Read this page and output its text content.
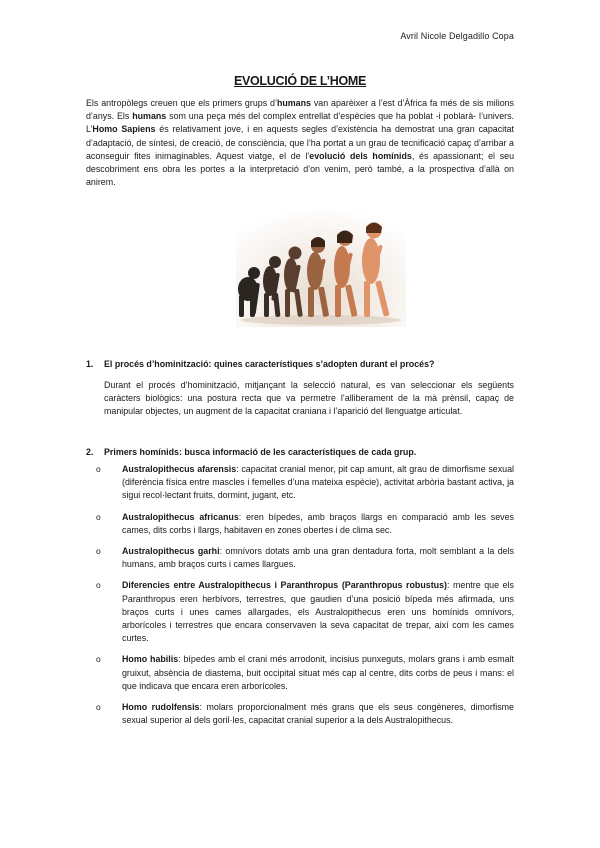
Avril Nicole Delgadillo Copa
EVOLUCIÓ DE L’HOME
Els antropòlegs creuen que els primers grups d’humans van aparèixer a l’est d’Àfrica fa més de sis milions d’anys. Els humans som una peça més del complex entrellat d’espècies que ha poblat -i poblarà- l’univers. L’Homo Sapiens és relativament jove, i en aquests segles d’existència ha demostrat una gran capacitat d’adaptació, de síntesi, de creació, de consciència, que l’ha portat a un grau de tecnificació capaç d’arribar a aconseguir fites inimaginables. Aquest viatge, el de l’evolució dels homínids, és apassionant; el seu descobriment ens obra les portes a la interpretació d’on venim, però també, a la prospectiva d’allà on anirem.
1. El procés d’hominització: quines característiques s’adopten durant el procés?
Durant el procés d’hominització, mitjançant la selecció natural, es van seleccionar els següents caràcters biològics: una postura recta que va permetre l’alliberament de la mà prènsil, capaç de manipular objectes, un augment de la capacitat craniana i l’aparició del llenguatge articulat.
2. Primers homínids: busca informació de les característiques de cada grup.
o Australopithecus afarensis: capacitat cranial menor, pit cap amunt, alt grau de dimorfisme sexual (diferència física entre mascles i femelles d’una mateixa espècie), activitat arbòria bastant activa, ja sigui recol·lectant fruits, dormint, jugant, etc.
o Australopithecus africanus: eren bípedes, amb braços llargs en comparació amb les seves cames, dits corbs i llargs, habitaven en zones obertes i de clima sec.
o Australopithecus garhi: omnívors dotats amb una gran dentadura forta, molt semblant a la dels humans, amb braços curts i cames llargues.
o Diferencies entre Australopithecus i Paranthropus (Paranthropus robustus): mentre que els Paranthropus eren herbívors, terrestres, que gaudien d’una posició bípeda més afirmada, uns braços curts i unes cames allargades, els Australopithecus eren uns homínids omnívors, arborícoles i terrestres que encara conservaven la seva capacitat de trepar, així com les cames curtes.
o Homo habilis: bípedes amb el crani més arrodonit, incisius punxeguts, molars grans i amb esmalt gruixut, absència de diastema, buit occipital situat més cap al centre, dits corbs de peus i mans: el que indicava que encara eren arborícoles.
o Homo rudolfensis: molars proporcionalment més grans que els seus congèneres, dimorfisme sexual superior al dels goril·les, capacitat cranial superior a la dels Australopithecus.
